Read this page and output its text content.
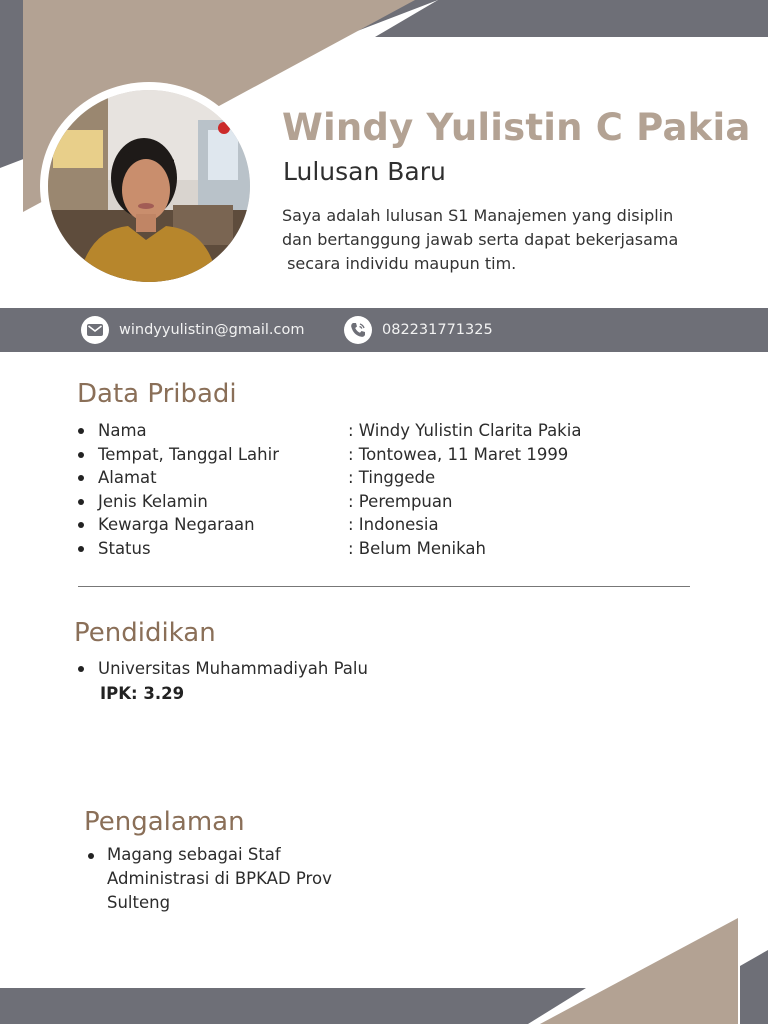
Windy Yulistin C Pakia
Lulusan Baru
Saya adalah lulusan S1 Manajemen yang disiplin
dan bertanggung jawab serta dapat bekerjasama
secara individu maupun tim.
windyyulistin@gmail.com	082231771325
Data Pribadi
Nama	: Windy Yulistin Clarita Pakia
Tempat, Tanggal Lahir	: Tontowea, 11 Maret 1999
Alamat	: Tinggede
Jenis Kelamin	: Perempuan
Kewarga Negaraan	: Indonesia
Status	: Belum Menikah
Pendidikan
Universitas Muhammadiyah Palu
IPK: 3.29
Pengalaman
Magang sebagai Staf
Administrasi di BPKAD Prov
Sulteng
